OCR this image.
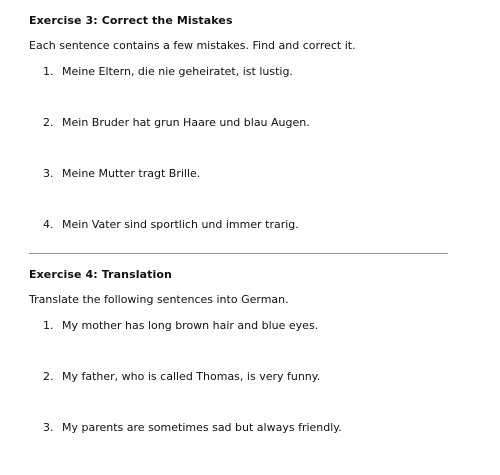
Exercise 3: Correct the Mistakes
Each sentence contains a few mistakes. Find and correct it.
1. Meine Eltern, die nie geheiratet, ist lustig.
2. Mein Bruder hat grun Haare und blau Augen.
3. Meine Mutter tragt Brille.
4. Mein Vater sind sportlich und immer trarig.
Exercise 4: Translation
Translate the following sentences into German.
1. My mother has long brown hair and blue eyes.
2. My father, who is called Thomas, is very funny.
3. My parents are sometimes sad but always friendly.
